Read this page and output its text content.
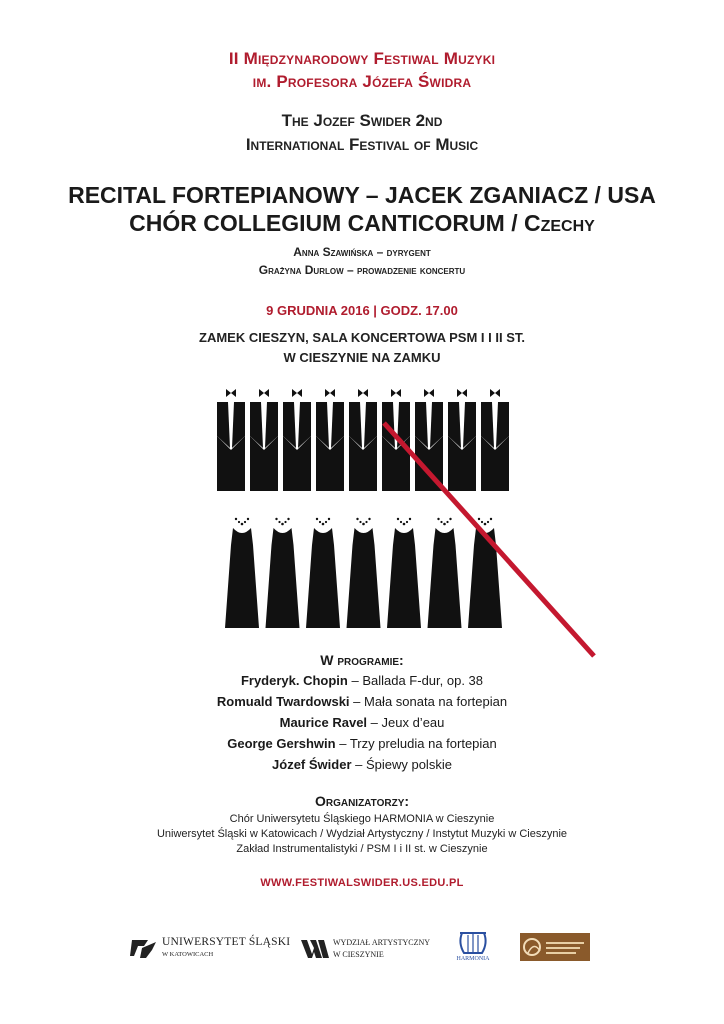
II Międzynarodowy Festiwal Muzyki
im. Profesora Józefa Świdra
The Jozef Swider 2nd
International Festival of Music
RECITAL FORTEPIANOWY – JACEK ZGANIACZ / USA
CHÓR COLLEGIUM CANTICORUM / Czechy
Anna Szawińska – dyrygent
Grażyna Durlow – prowadzenie koncertu
9 GRUDNIA 2016 | GODZ. 17.00
ZAMEK CIESZYN, SALA KONCERTOWA PSM I I II ST.
W CIESZYNIE NA ZAMKU
W programie:
Fryderyk. Chopin – Ballada F-dur, op. 38
Romuald Twardowski – Mała sonata na fortepian
Maurice Ravel – Jeux d’eau
George Gershwin – Trzy preludia na fortepian
Józef Świder – Śpiewy polskie
Organizatorzy:
Chór Uniwersytetu Śląskiego HARMONIA w Cieszynie
Uniwersytet Śląski w Katowicach / Wydział Artystyczny / Instytut Muzyki w Cieszynie
Zakład Instrumentalistyki / PSM I i II st. w Cieszynie
WWW.FESTIWALSWIDER.US.EDU.PL
UNIWERSYTET ŚLĄSKI
W KATOWICACH
WYDZIAŁ ARTYSTYCZNY
W CIESZYNIE	HARMONIA
